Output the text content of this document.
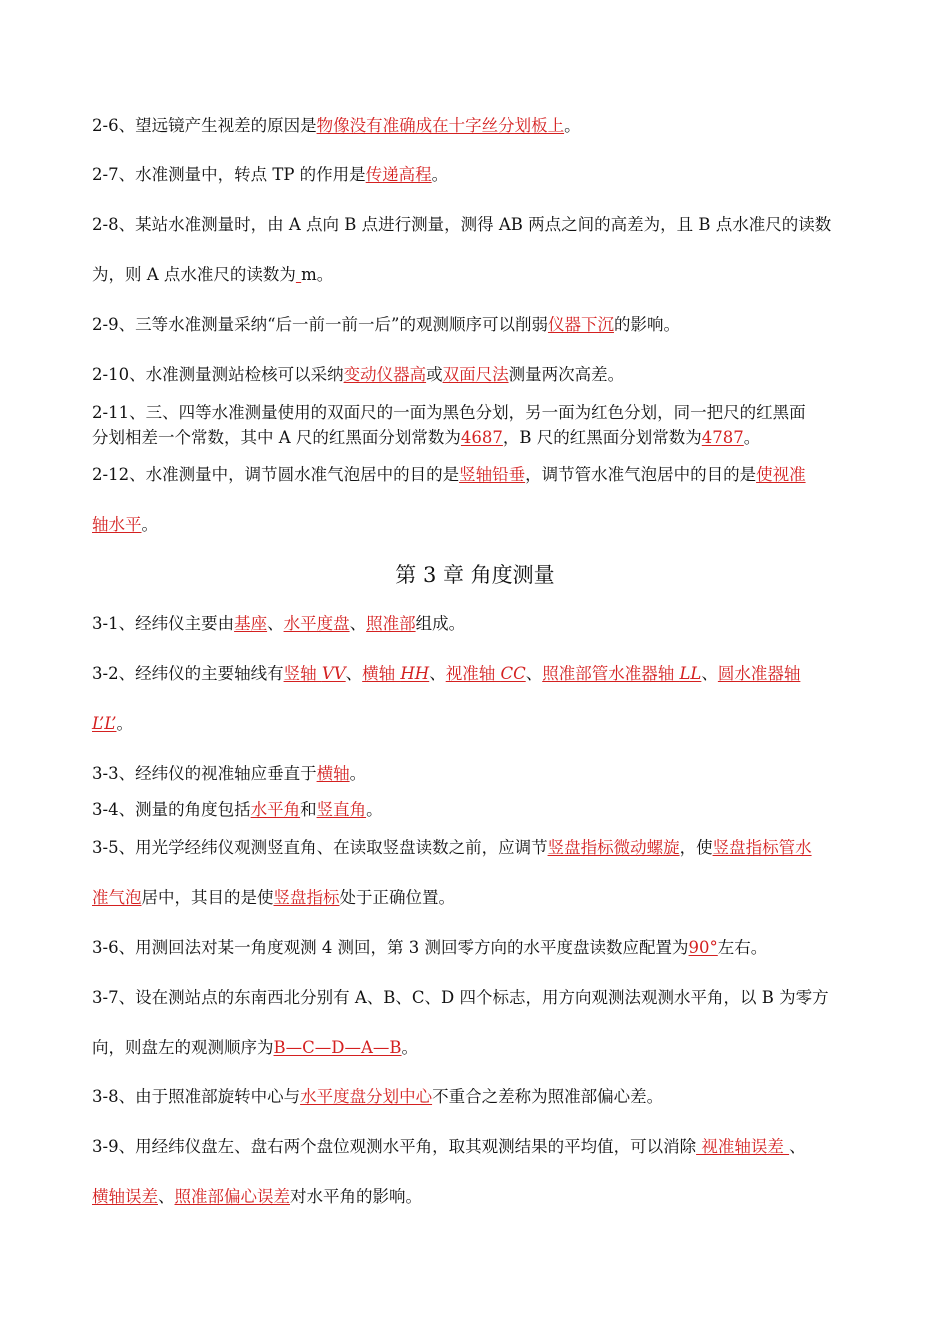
2-6、望远镜产生视差的原因是物像没有准确成在十字丝分划板上。
2-7、水准测量中，转点 TP 的作用是传递高程。
2-8、某站水准测量时，由 A 点向 B 点进行测量，测得 AB 两点之间的高差为，且 B 点水准尺的读数
为，则 A 点水准尺的读数为 m。
2-9、三等水准测量采纳“后一前一前一后”的观测顺序可以削弱仪器下沉的影响。
2-10、水准测量测站检核可以采纳变动仪器高或双面尺法测量两次高差。
2-11、三、四等水准测量使用的双面尺的一面为黑色分划，另一面为红色分划，同一把尺的红黑面
分划相差一个常数，其中 A 尺的红黑面分划常数为4687，B 尺的红黑面分划常数为4787。
2-12、水准测量中，调节圆水准气泡居中的目的是竖轴铅垂，调节管水准气泡居中的目的是使视准
轴水平。
第 3 章 角度测量
3-1、经纬仪主要由基座、水平度盘、照准部组成。
3-2、经纬仪的主要轴线有竖轴 VV、横轴 HH、视准轴 CC、照准部管水准器轴 LL、圆水准器轴
L’L’。
3-3、经纬仪的视准轴应垂直于横轴。
3-4、测量的角度包括水平角和竖直角。
3-5、用光学经纬仪观测竖直角、在读取竖盘读数之前，应调节竖盘指标微动螺旋，使竖盘指标管水
准气泡居中，其目的是使竖盘指标处于正确位置。
3-6、用测回法对某一角度观测 4 测回，第 3 测回零方向的水平度盘读数应配置为90°左右。
3-7、设在测站点的东南西北分别有 A、B、C、D 四个标志，用方向观测法观测水平角，以 B 为零方
向，则盘左的观测顺序为B—C—D—A—B。
3-8、由于照准部旋转中心与水平度盘分划中心不重合之差称为照准部偏心差。
3-9、用经纬仪盘左、盘右两个盘位观测水平角，取其观测结果的平均值，可以消除 视准轴误差 、
横轴误差、照准部偏心误差对水平角的影响。
